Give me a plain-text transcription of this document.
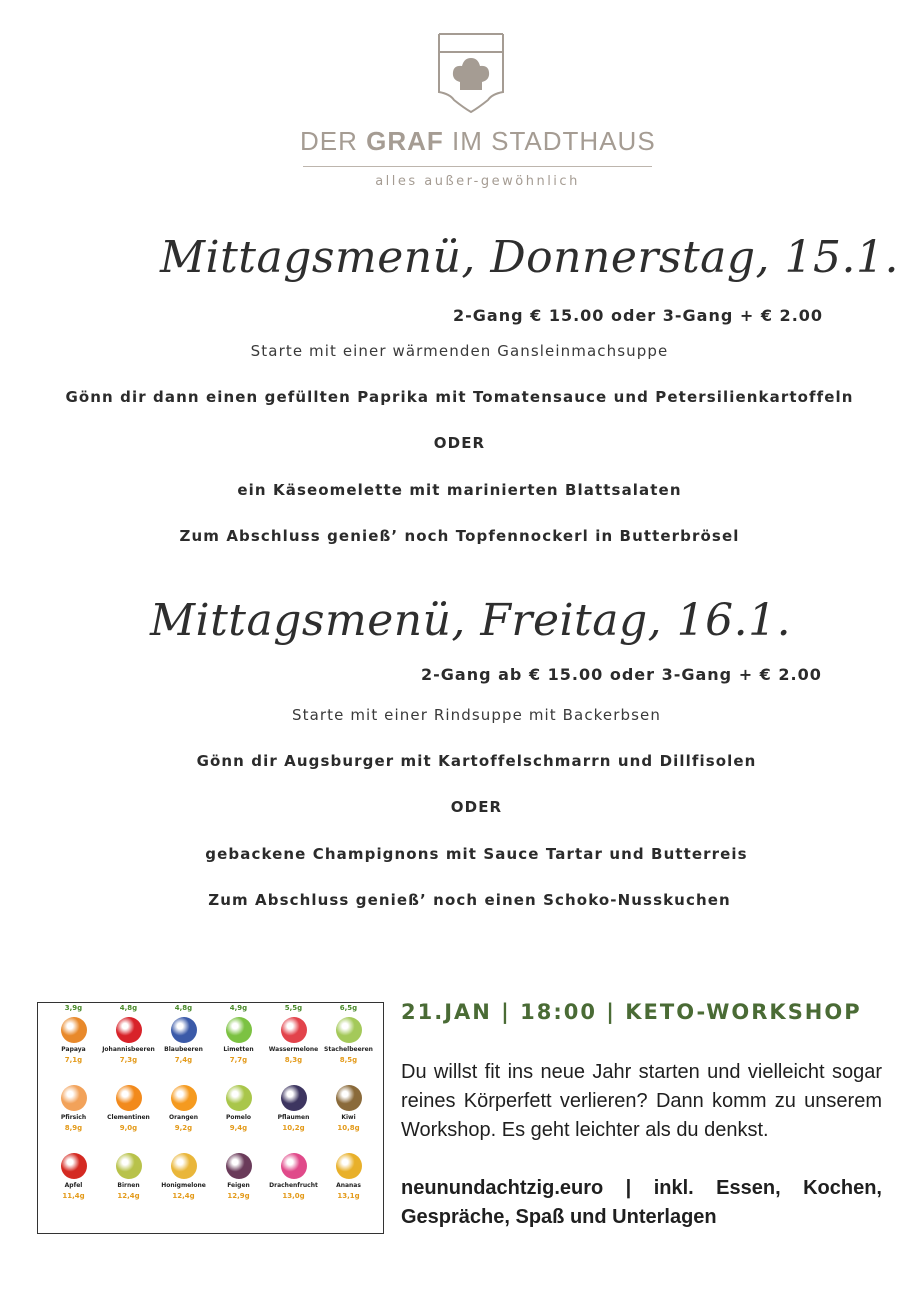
DER GRAF IM STADTHAUS
alles außer-gewöhnlich
Mittagsmenü, Donnerstag, 15.1.
2-Gang € 15.00 oder 3-Gang + € 2.00
Starte mit einer wärmenden Gansleinmachsuppe
Gönn dir dann einen gefüllten Paprika mit Tomatensauce und Petersilienkartoffeln
ODER
ein Käseomelette mit marinierten Blattsalaten
Zum Abschluss genieß’ noch Topfennockerl in Butterbrösel
Mittagsmenü, Freitag, 16.1.
2-Gang ab € 15.00 oder 3-Gang + € 2.00
Starte mit einer Rindsuppe mit Backerbsen
Gönn dir Augsburger mit Kartoffelschmarrn und Dillfisolen
ODER
gebackene Champignons mit Sauce Tartar und Butterreis
Zum Abschluss genieß’ noch einen Schoko-Nusskuchen
3,9g
Papaya
7,1g
4,8g
Johannisbeeren
7,3g
4,8g
Blaubeeren
7,4g
4,9g
Limetten
7,7g
5,5g
Wassermelone
8,3g
6,5g
Stachelbeeren
8,5g
Pfirsich
8,9g
Clementinen
9,0g
Orangen
9,2g
Pomelo
9,4g
Pflaumen
10,2g
Kiwi
10,8g
Apfel
11,4g
Birnen
12,4g
Honigmelone
12,4g
Feigen
12,9g
Drachenfrucht
13,0g
Ananas
13,1g
21.JAN | 18:00 | KETO-WORKSHOP
Du willst fit ins neue Jahr starten und vielleicht sogar reines Körperfett verlieren? Dann komm zu unserem Workshop. Es geht leichter als du denkst.
neunundachtzig.euro | inkl. Essen, Kochen, Gespräche, Spaß und Unterlagen
